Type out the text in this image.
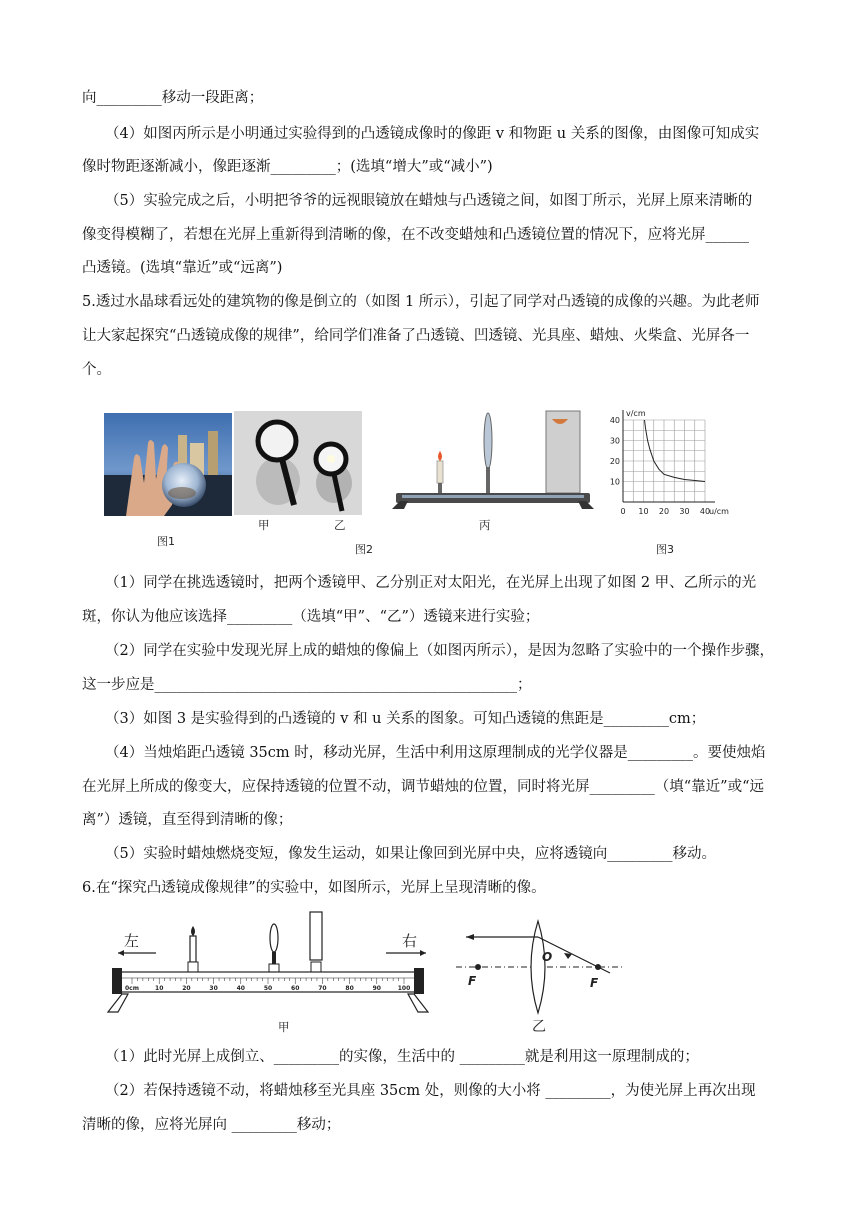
向_________移动一段距离；
（4）如图丙所示是小明通过实验得到的凸透镜成像时的像距 v 和物距 u 关系的图像，由图像可知成实
像时物距逐渐减小，像距逐渐_________；(选填“增大”或“减小”)
（5）实验完成之后，小明把爷爷的远视眼镜放在蜡烛与凸透镜之间，如图丁所示，光屏上原来清晰的
像变得模糊了，若想在光屏上重新得到清晰的像，在不改变蜡烛和凸透镜位置的情况下，应将光屏______
凸透镜。(选填“靠近”或“远离”)
5.透过水晶球看远处的建筑物的像是倒立的（如图 1 所示），引起了同学对凸透镜的成像的兴趣。为此老师
让大家起探究“凸透镜成像的规律”，给同学们准备了凸透镜、凹透镜、光具座、蜡烛、火柴盒、光屏各一
个。
甲	乙	丙
0 10 20 30 40
10
20
30
40
u/cm
v/cm
图1
图2	图3
（1）同学在挑选透镜时，把两个透镜甲、乙分别正对太阳光，在光屏上出现了如图 2 甲、乙所示的光
斑，你认为他应该选择_________（选填“甲”、“乙”）透镜来进行实验；
（2）同学在实验中发现光屏上成的蜡烛的像偏上（如图丙所示），是因为忽略了实验中的一个操作步骤，
这一步应是__________________________________________________；
（3）如图 3 是实验得到的凸透镜的 v 和 u 关系的图象。可知凸透镜的焦距是_________cm；
（4）当烛焰距凸透镜 35cm 时，移动光屏，生活中利用这原理制成的光学仪器是_________。要使烛焰
在光屏上所成的像变大，应保持透镜的位置不动，调节蜡烛的位置，同时将光屏_________（填“靠近”或“远
离”）透镜，直至得到清晰的像；
（5）实验时蜡烛燃烧变短，像发生运动，如果让像回到光屏中央，应将透镜向_________移动。
6.在“探究凸透镜成像规律”的实验中，如图所示，光屏上呈现清晰的像。
左	右
0cm	10	20	30	40	50	60	70	80	90	100
甲
F	F
O
乙
（1）此时光屏上成倒立、_________的实像，生活中的 _________就是利用这一原理制成的；
（2）若保持透镜不动，将蜡烛移至光具座 35cm 处，则像的大小将 _________，为使光屏上再次出现
清晰的像，应将光屏向 _________移动；
